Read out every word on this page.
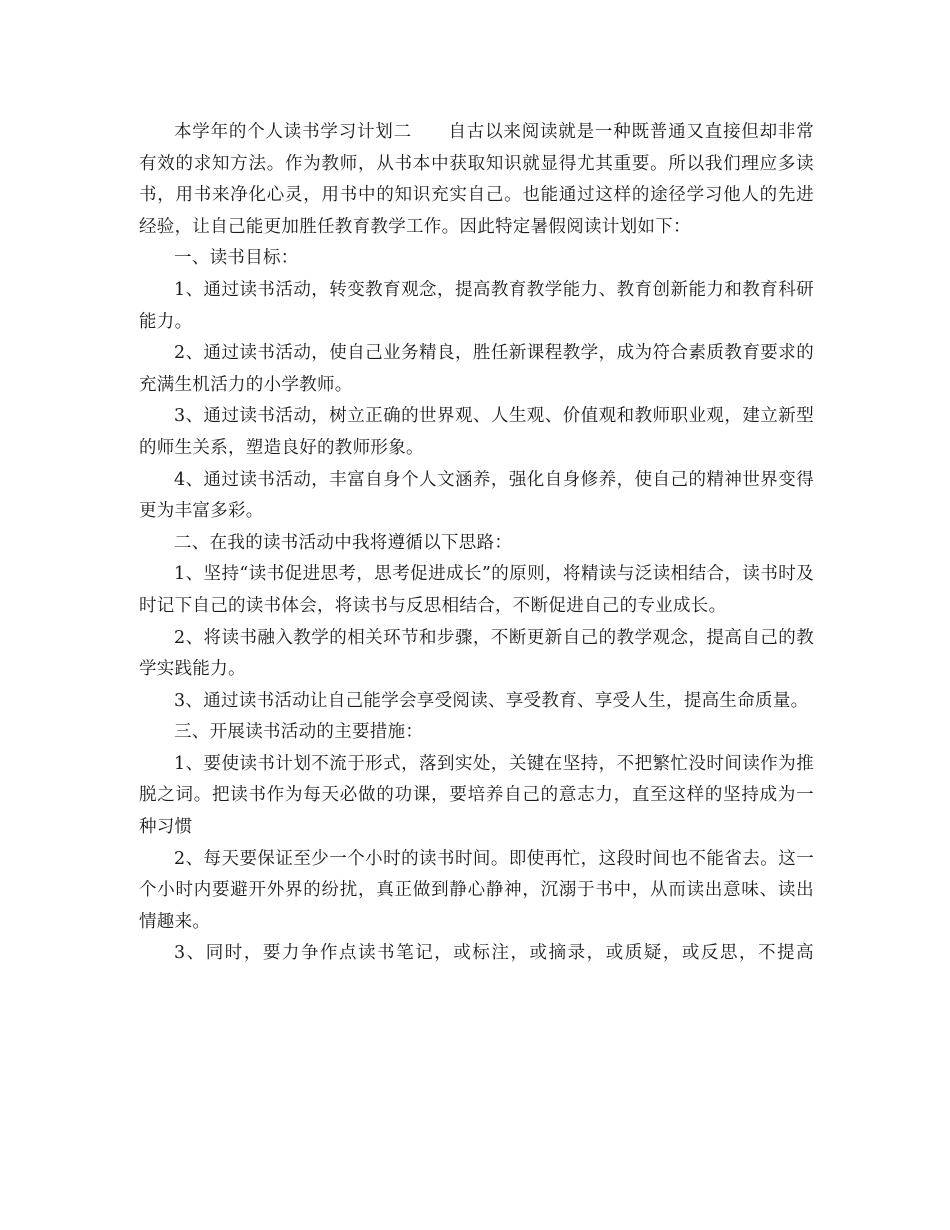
本学年的个人读书学习计划二　　自古以来阅读就是一种既普通又直接但却非常有效的求知方法。作为教师，从书本中获取知识就显得尤其重要。所以我们理应多读书，用书来净化心灵，用书中的知识充实自己。也能通过这样的途径学习他人的先进经验，让自己能更加胜任教育教学工作。因此特定暑假阅读计划如下：

一、读书目标：

1、通过读书活动，转变教育观念，提高教育教学能力、教育创新能力和教育科研能力。

2、通过读书活动，使自己业务精良，胜任新课程教学，成为符合素质教育要求的充满生机活力的小学教师。

3、通过读书活动，树立正确的世界观、人生观、价值观和教师职业观，建立新型的师生关系，塑造良好的教师形象。

4、通过读书活动，丰富自身个人文涵养，强化自身修养，使自己的精神世界变得更为丰富多彩。

二、在我的读书活动中我将遵循以下思路：

1、坚持“读书促进思考，思考促进成长”的原则，将精读与泛读相结合，读书时及时记下自己的读书体会，将读书与反思相结合，不断促进自己的专业成长。

2、将读书融入教学的相关环节和步骤，不断更新自己的教学观念，提高自己的教学实践能力。

3、通过读书活动让自己能学会享受阅读、享受教育、享受人生，提高生命质量。

三、开展读书活动的主要措施：

1、要使读书计划不流于形式，落到实处，关键在坚持，不把繁忙没时间读作为推脱之词。把读书作为每天必做的功课，要培养自己的意志力，直至这样的坚持成为一种习惯

2、每天要保证至少一个小时的读书时间。即使再忙，这段时间也不能省去。这一个小时内要避开外界的纷扰，真正做到静心静神，沉溺于书中，从而读出意味、读出情趣来。

3、同时，要力争作点读书笔记，或标注，或摘录，或质疑，或反思，不提高
